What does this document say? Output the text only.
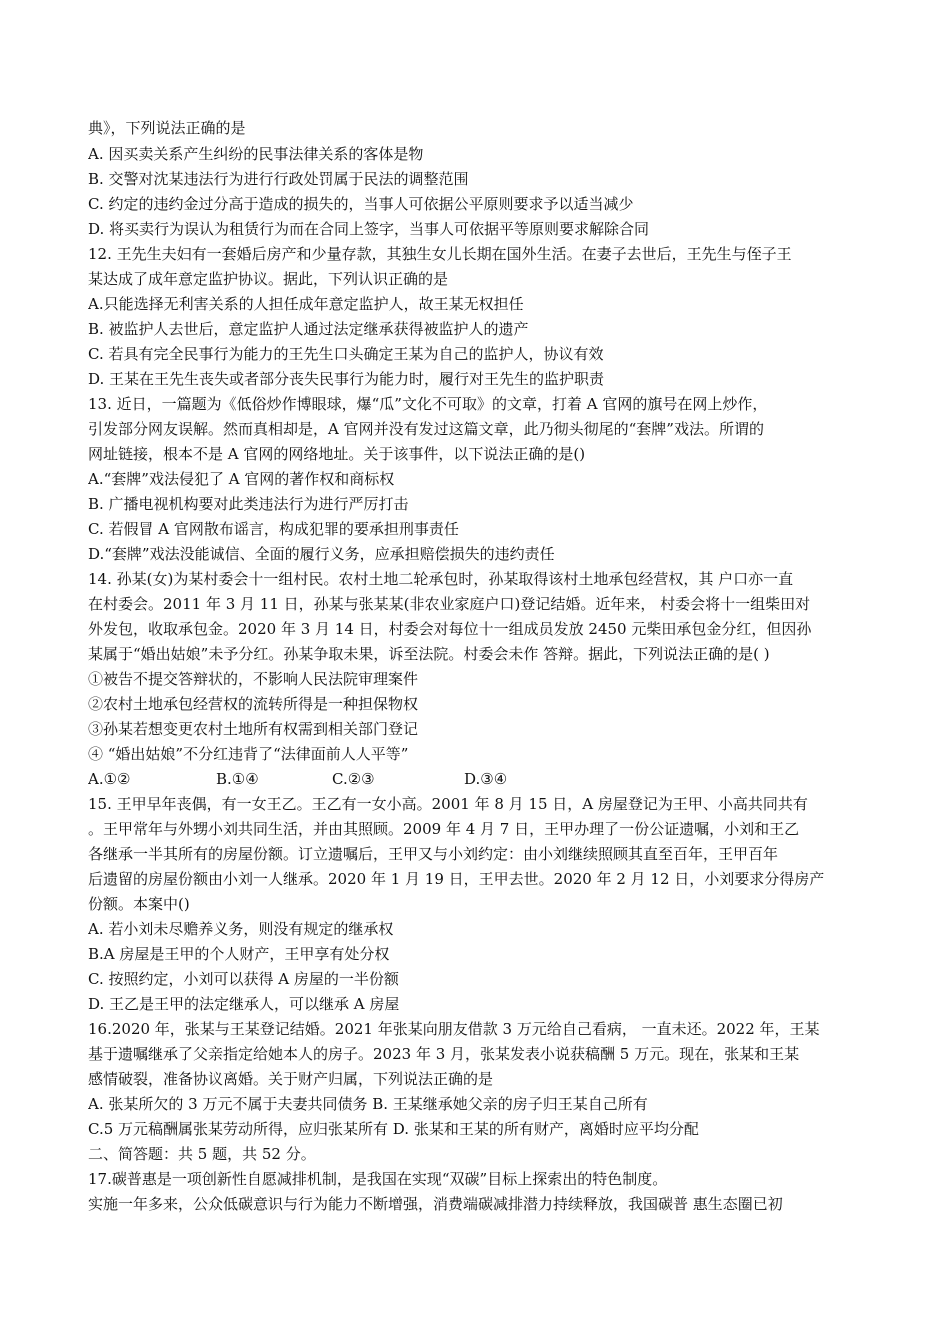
典》，下列说法正确的是
A. 因买卖关系产生纠纷的民事法律关系的客体是物
B. 交警对沈某违法行为进行行政处罚属于民法的调整范围
C. 约定的违约金过分高于造成的损失的，当事人可依据公平原则要求予以适当减少
D. 将买卖行为误认为租赁行为而在合同上签字，当事人可依据平等原则要求解除合同
12. 王先生夫妇有一套婚后房产和少量存款，其独生女儿长期在国外生活。在妻子去世后，王先生与侄子王
某达成了成年意定监护协议。据此，下列认识正确的是
A.只能选择无利害关系的人担任成年意定监护人，故王某无权担任
B. 被监护人去世后，意定监护人通过法定继承获得被监护人的遗产
C. 若具有完全民事行为能力的王先生口头确定王某为自己的监护人，协议有效
D. 王某在王先生丧失或者部分丧失民事行为能力时，履行对王先生的监护职责
13. 近日，一篇题为《低俗炒作博眼球，爆“瓜”文化不可取》的文章，打着 A 官网的旗号在网上炒作，
引发部分网友误解。然而真相却是，A 官网并没有发过这篇文章，此乃彻头彻尾的“套牌”戏法。所谓的
网址链接，根本不是 A 官网的网络地址。关于该事件，以下说法正确的是()
A.“套牌”戏法侵犯了 A 官网的著作权和商标权
B. 广播电视机构要对此类违法行为进行严厉打击
C. 若假冒 A 官网散布谣言，构成犯罪的要承担刑事责任
D.“套牌”戏法没能诚信、全面的履行义务，应承担赔偿损失的违约责任
14. 孙某(女)为某村委会十一组村民。农村土地二轮承包时，孙某取得该村土地承包经营权，其 户口亦一直
在村委会。2011 年 3 月 11 日，孙某与张某某(非农业家庭户口)登记结婚。近年来， 村委会将十一组柴田对
外发包，收取承包金。2020 年 3 月 14 日，村委会对每位十一组成员发放 2450 元柴田承包金分红，但因孙
某属于“婚出姑娘”未予分红。孙某争取未果，诉至法院。村委会未作 答辩。据此，下列说法正确的是( )
①被告不提交答辩状的，不影响人民法院审理案件
②农村土地承包经营权的流转所得是一种担保物权
③孙某若想变更农村土地所有权需到相关部门登记
④ “婚出姑娘”不分红违背了“法律面前人人平等”
A.①②	B.①④	C.②③	D.③④
15. 王甲早年丧偶，有一女王乙。王乙有一女小高。2001 年 8 月 15 日，A 房屋登记为王甲、小高共同共有
。王甲常年与外甥小刘共同生活，并由其照顾。2009 年 4 月 7 日，王甲办理了一份公证遗嘱，小刘和王乙
各继承一半其所有的房屋份额。订立遗嘱后，王甲又与小刘约定：由小刘继续照顾其直至百年，王甲百年
后遗留的房屋份额由小刘一人继承。2020 年 1 月 19 日，王甲去世。2020 年 2 月 12 日，小刘要求分得房产
份额。本案中()
A. 若小刘未尽赡养义务，则没有规定的继承权
B.A 房屋是王甲的个人财产，王甲享有处分权
C. 按照约定，小刘可以获得 A 房屋的一半份额
D. 王乙是王甲的法定继承人，可以继承 A 房屋
16.2020 年，张某与王某登记结婚。2021 年张某向朋友借款 3 万元给自己看病， 一直未还。2022 年，王某
基于遗嘱继承了父亲指定给她本人的房子。2023 年 3 月，张某发表小说获稿酬 5 万元。现在，张某和王某
感情破裂，准备协议离婚。关于财产归属，下列说法正确的是
A. 张某所欠的 3 万元不属于夫妻共同债务 B. 王某继承她父亲的房子归王某自己所有
C.5 万元稿酬属张某劳动所得，应归张某所有 D. 张某和王某的所有财产，离婚时应平均分配
二、简答题：共 5 题，共 52 分。
17.碳普惠是一项创新性自愿减排机制，是我国在实现“双碳”目标上探索出的特色制度。
实施一年多来，公众低碳意识与行为能力不断增强，消费端碳减排潜力持续释放，我国碳普 惠生态圈已初
